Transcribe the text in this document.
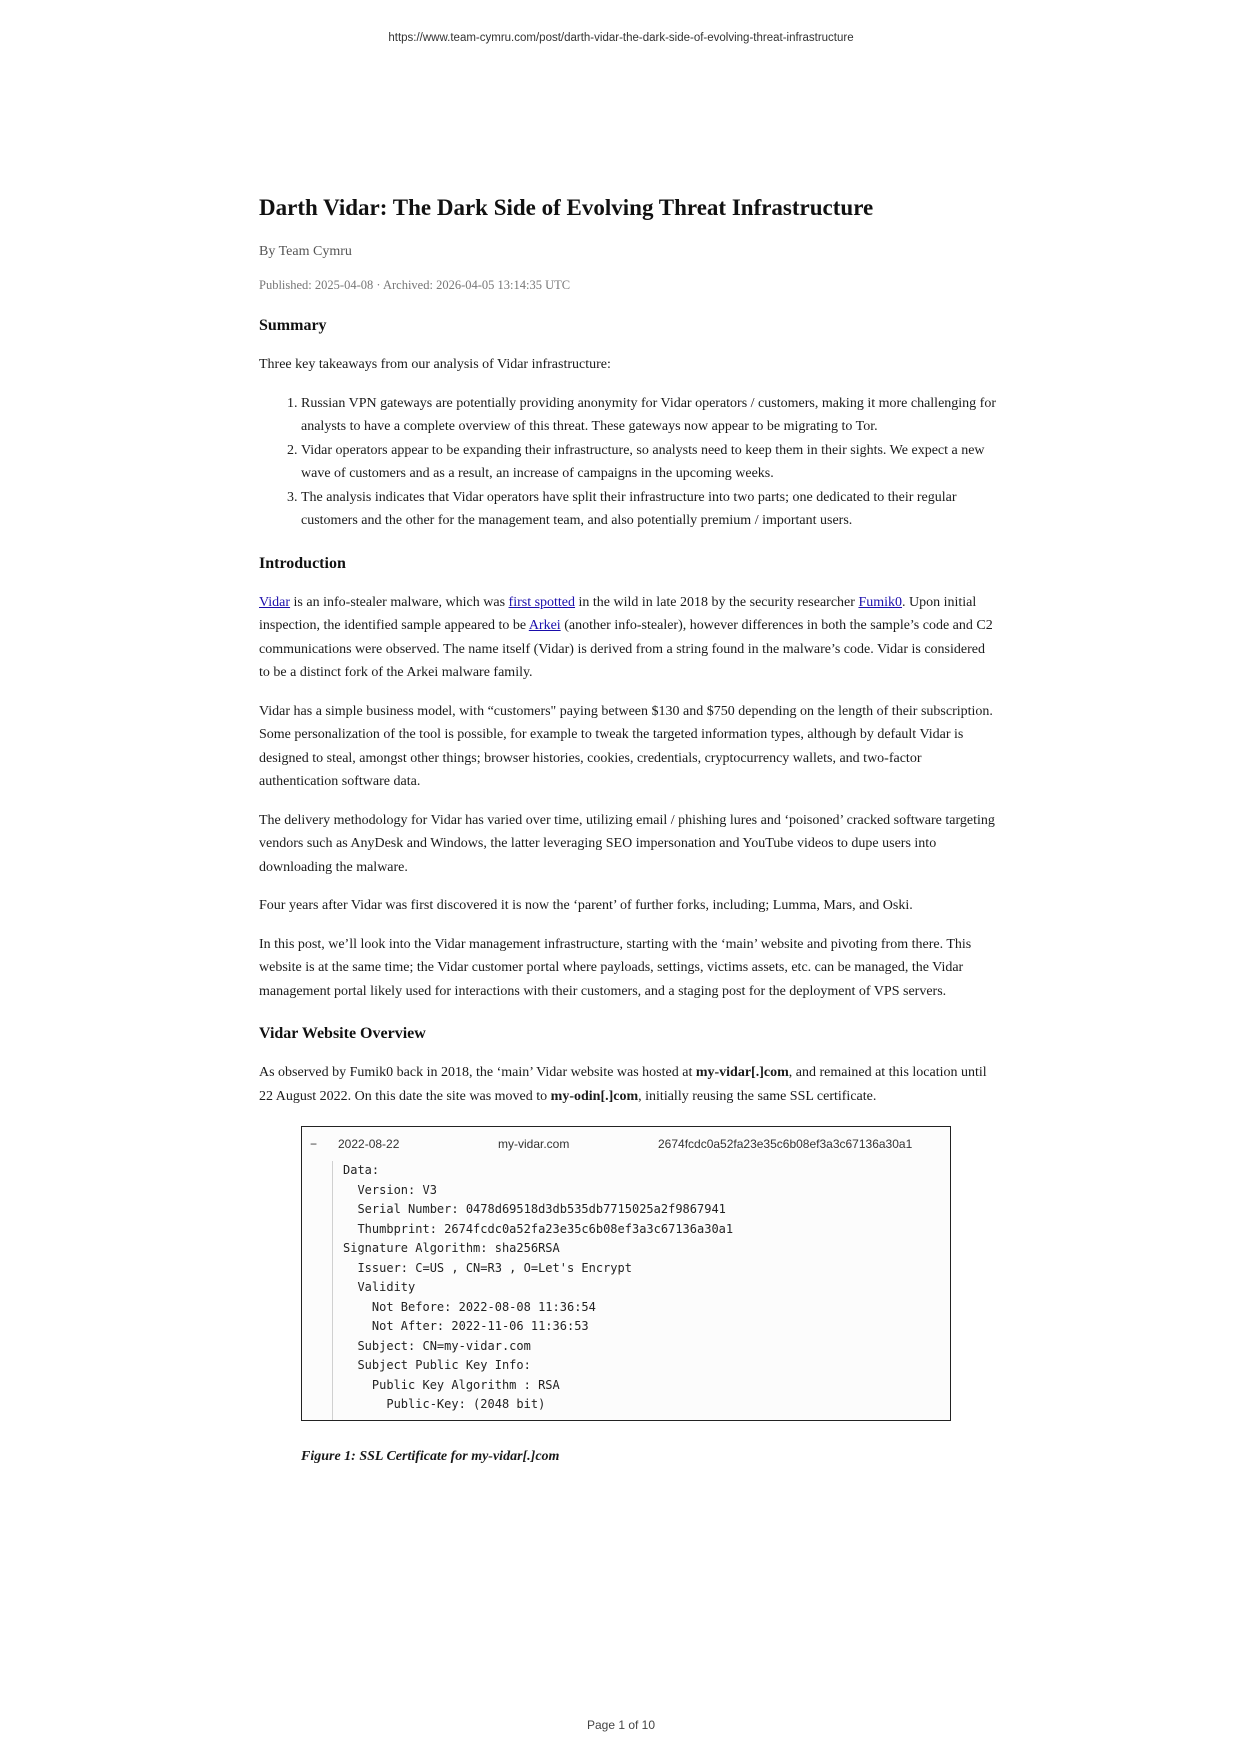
https://www.team-cymru.com/post/darth-vidar-the-dark-side-of-evolving-threat-infrastructure
Darth Vidar: The Dark Side of Evolving Threat Infrastructure
By Team Cymru
Published: 2025-04-08 · Archived: 2026-04-05 13:14:35 UTC
Summary

Three key takeaways from our analysis of Vidar infrastructure:

1. Russian VPN gateways are potentially providing anonymity for Vidar operators / customers, making it more challenging for analysts to have a complete overview of this threat. These gateways now appear to be migrating to Tor.
2. Vidar operators appear to be expanding their infrastructure, so analysts need to keep them in their sights. We expect a new wave of customers and as a result, an increase of campaigns in the upcoming weeks.
3. The analysis indicates that Vidar operators have split their infrastructure into two parts; one dedicated to their regular customers and the other for the management team, and also potentially premium / important users.
Introduction

Vidar is an info-stealer malware, which was first spotted in the wild in late 2018 by the security researcher Fumik0. Upon initial inspection, the identified sample appeared to be Arkei (another info-stealer), however differences in both the sample’s code and C2 communications were observed. The name itself (Vidar) is derived from a string found in the malware’s code. Vidar is considered to be a distinct fork of the Arkei malware family.

Vidar has a simple business model, with “customers" paying between $130 and $750 depending on the length of their subscription. Some personalization of the tool is possible, for example to tweak the targeted information types, although by default Vidar is designed to steal, amongst other things; browser histories, cookies, credentials, cryptocurrency wallets, and two-factor authentication software data.

The delivery methodology for Vidar has varied over time, utilizing email / phishing lures and ‘poisoned’ cracked software targeting vendors such as AnyDesk and Windows, the latter leveraging SEO impersonation and YouTube videos to dupe users into downloading the malware.

Four years after Vidar was first discovered it is now the ‘parent’ of further forks, including; Lumma, Mars, and Oski.

In this post, we’ll look into the Vidar management infrastructure, starting with the ‘main’ website and pivoting from there. This website is at the same time; the Vidar customer portal where payloads, settings, victims assets, etc. can be managed, the Vidar management portal likely used for interactions with their customers, and a staging post for the deployment of VPS servers.

Vidar Website Overview

As observed by Fumik0 back in 2018, the ‘main’ Vidar website was hosted at my-vidar[.]com, and remained at this location until 22 August 2022. On this date the site was moved to my-odin[.]com, initially reusing the same SSL certificate.

− 2022-08-22	my-vidar.com	2674fcdc0a52fa23e35c6b08ef3a3c67136a30a1
Data:
Version: V3
Serial Number: 0478d69518d3db535db7715025a2f9867941
Thumbprint: 2674fcdc0a52fa23e35c6b08ef3a3c67136a30a1
Signature Algorithm: sha256RSA
Issuer: C=US , CN=R3 , O=Let's Encrypt
Validity
Not Before: 2022-08-08 11:36:54
Not After: 2022-11-06 11:36:53
Subject: CN=my-vidar.com
Subject Public Key Info:
Public Key Algorithm : RSA
Public-Key: (2048 bit)
Figure 1: SSL Certificate for my-vidar[.]com
Page 1 of 10
